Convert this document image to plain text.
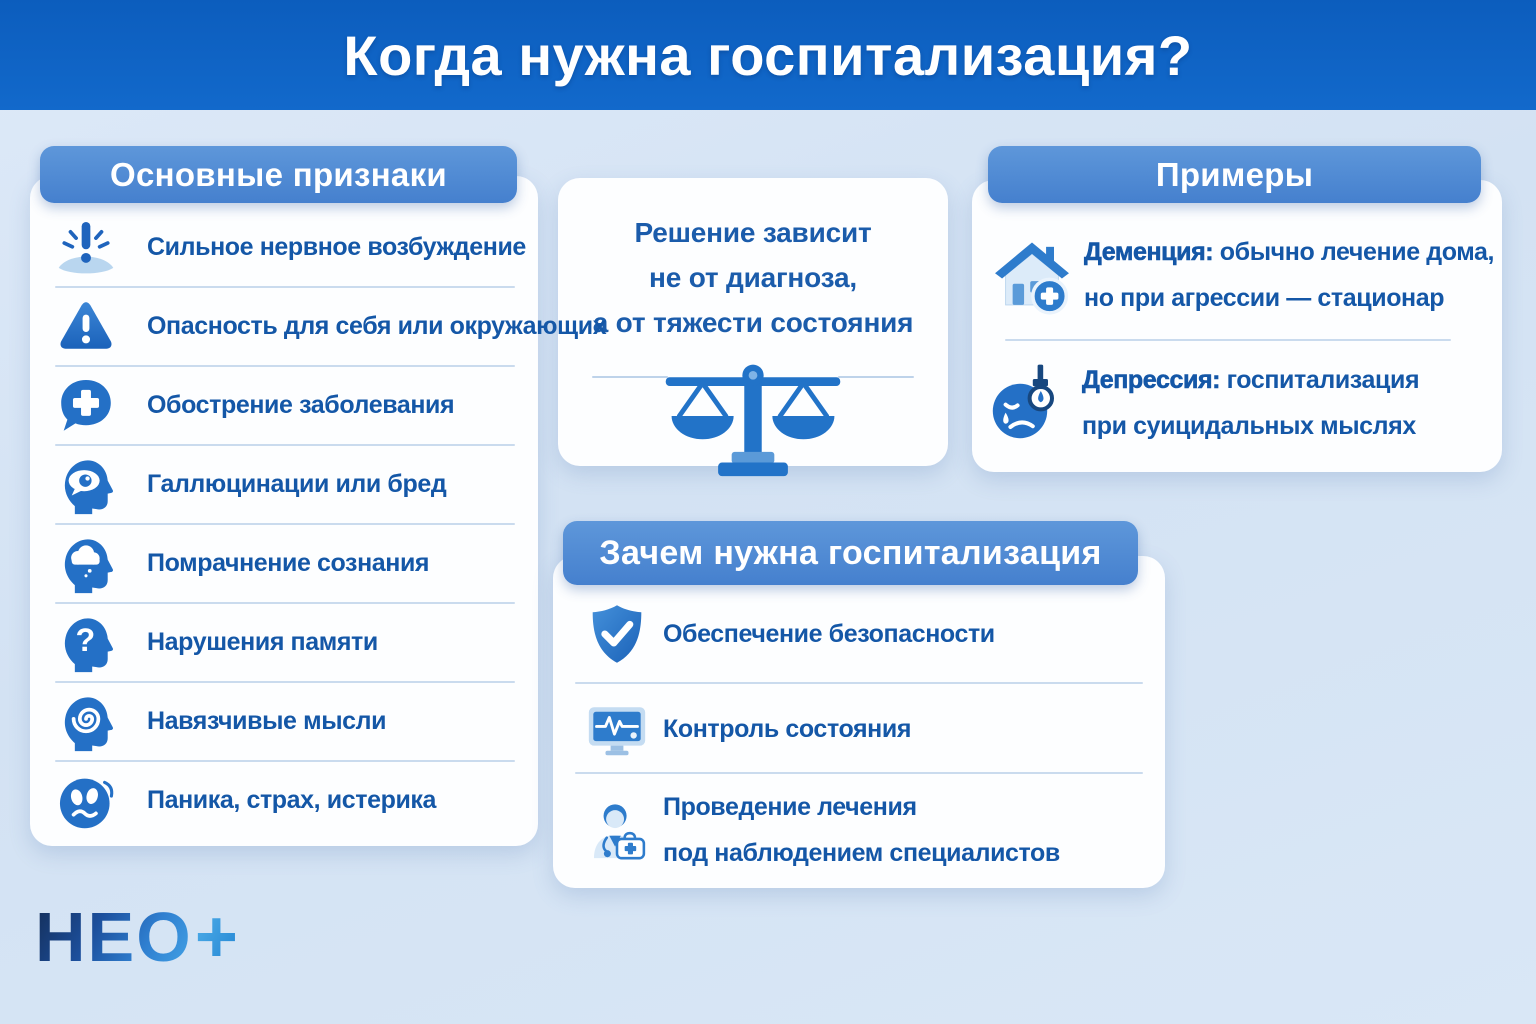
Когда нужна госпитализация?
Основные признаки
Сильное нервное возбуждение
Опасность для себя или окружающих
Обострение заболевания
Галлюцинации или бред
Помрачнение сознания
? Нарушения памяти
Навязчивые мысли
Паника, страх, истерика
Решение зависит
не от диагноза,
а от тяжести состояния
Деменция: обычно лечение дома,
но при агрессии — стационар
Депрессия: госпитализация
при суицидальных мыслях
Примеры
Обеспечение безопасности
Контроль состояния
Проведение лечения
под наблюдением специалистов
Зачем нужна госпитализация
НЕО +
